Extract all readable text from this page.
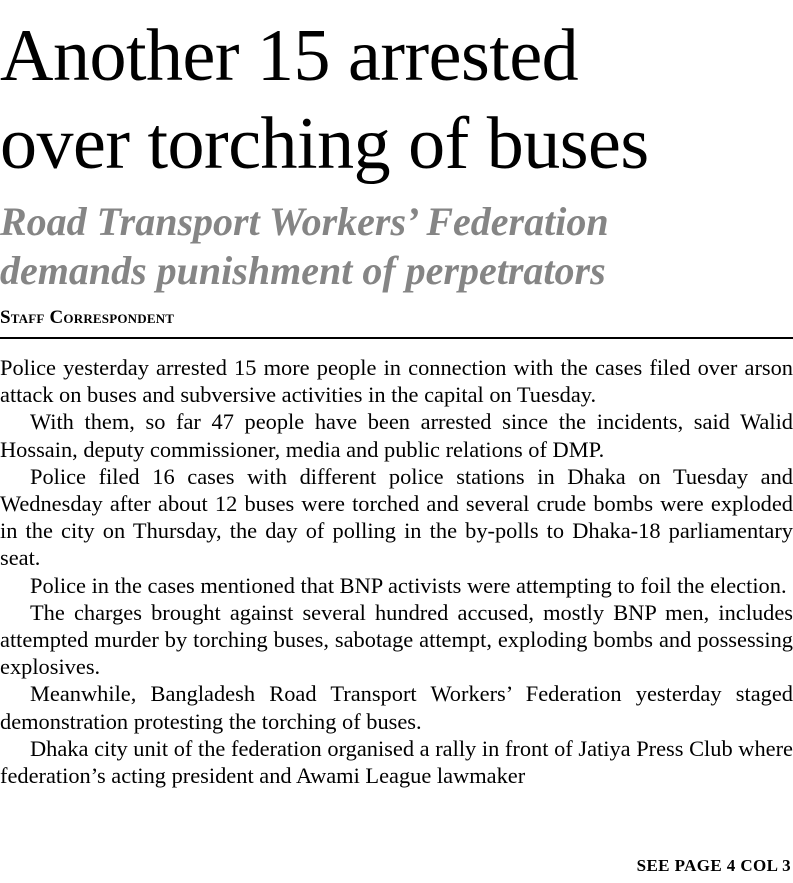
Another 15 arrested
over torching of buses
Road Transport Workers’ Federation
demands punishment of perpetrators
Staff Correspondent

Police yesterday arrested 15 more people in connection with the cases filed over arson attack on buses and subversive activities in the capital on Tuesday.

With them, so far 47 people have been arrested since the incidents, said Walid Hossain, deputy commissioner, media and public relations of DMP.

Police filed 16 cases with different police stations in Dhaka on Tuesday and Wednesday after about 12 buses were torched and several crude bombs were exploded in the city on Thursday, the day of polling in the by-polls to Dhaka-18 parliamentary seat.

Police in the cases mentioned that BNP activists were attempting to foil the election.

The charges brought against several hundred accused, mostly BNP men, includes attempted murder by torching buses, sabotage attempt, exploding bombs and possessing explosives.

Meanwhile, Bangladesh Road Transport Workers’ Federation yesterday staged demonstration protesting the torching of buses.

Dhaka city unit of the federation organised a rally in front of Jatiya Press Club where federation’s acting president and Awami League lawmaker

SEE PAGE 4 COL 3
